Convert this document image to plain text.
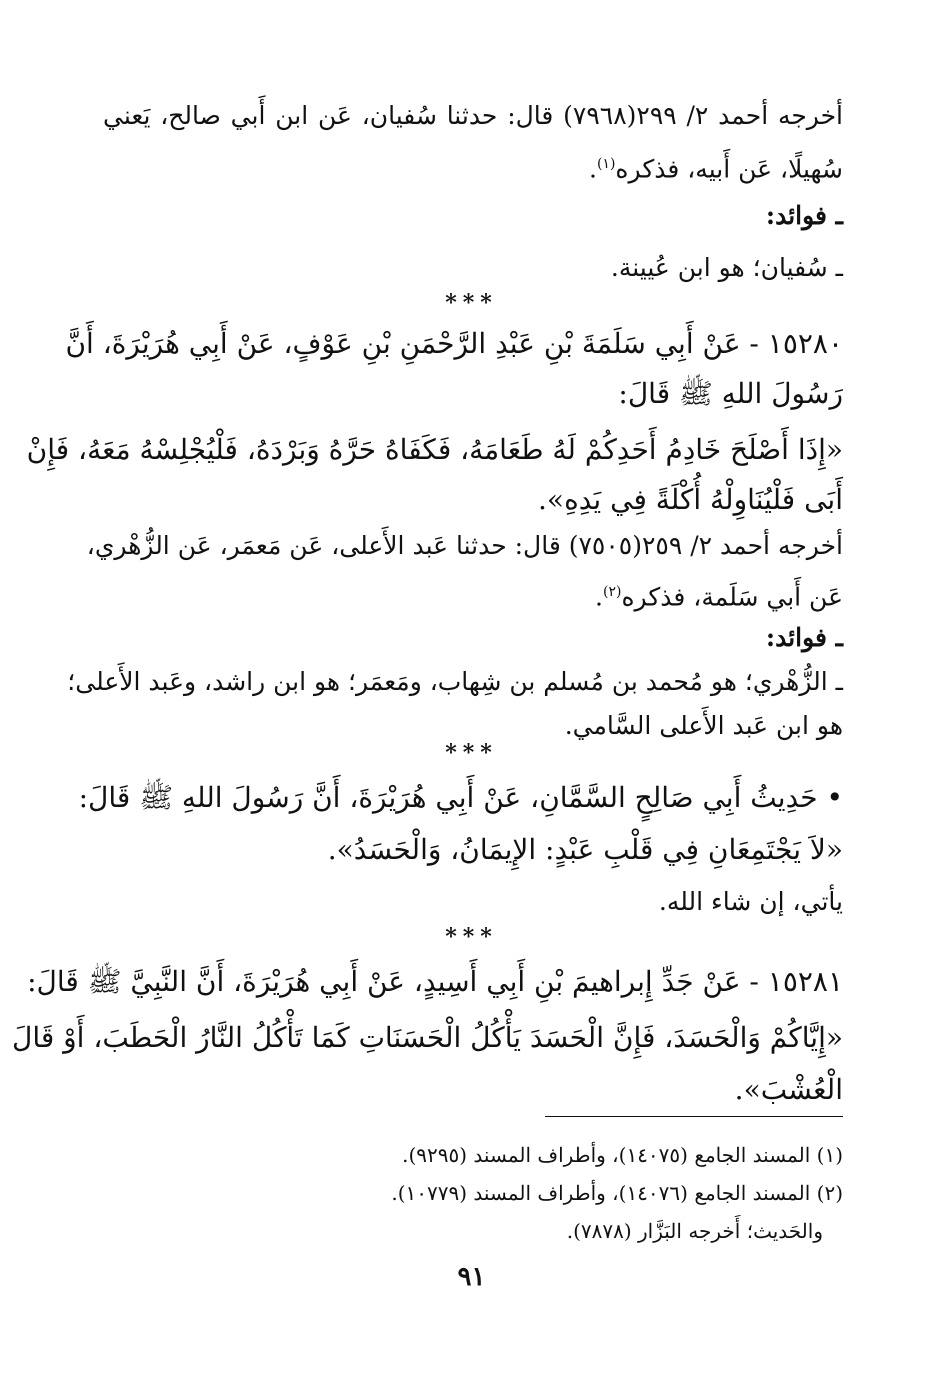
أخرجه أحمد ٢/ ٢٩٩(٧٩٦٨) قال: حدثنا سُفيان، عَن ابن أَبي صالح، يَعني
سُهيلًا، عَن أَبيه، فذكره$^{(١)}$.
ـ فوائد:
ـ سُفيان؛ هو ابن عُيينة.
***
١٥٢٨٠ - عَنْ أَبِي سَلَمَةَ بْنِ عَبْدِ الرَّحْمَنِ بْنِ عَوْفٍ، عَنْ أَبِي هُرَيْرَةَ، أَنَّ
رَسُولَ اللهِ ﷺ قَالَ:
«إِذَا أَصْلَحَ خَادِمُ أَحَدِكُمْ لَهُ طَعَامَهُ، فَكَفَاهُ حَرَّهُ وَبَرْدَهُ، فَلْيُجْلِسْهُ مَعَهُ، فَإِنْ
أَبَى فَلْيُنَاوِلْهُ أُكْلَةً فِي يَدِهِ».
أخرجه أحمد ٢/ ٢٥٩(٧٥٠٥) قال: حدثنا عَبد الأَعلى، عَن مَعمَر، عَن الزُّهْري،
عَن أَبي سَلَمة، فذكره$^{(٢)}$.
ـ فوائد:
ـ الزُّهْري؛ هو مُحمد بن مُسلم بن شِهاب، ومَعمَر؛ هو ابن راشد، وعَبد الأَعلى؛
هو ابن عَبد الأَعلى السَّامي.
***
• حَدِيثُ أَبِي صَالِحٍ السَّمَّانِ، عَنْ أَبِي هُرَيْرَةَ، أَنَّ رَسُولَ اللهِ ﷺ قَالَ:
«لاَ يَجْتَمِعَانِ فِي قَلْبِ عَبْدٍ: الإِيمَانُ، وَالْحَسَدُ».
يأتي، إن شاء الله.
***
١٥٢٨١ - عَنْ جَدِّ إِبراهيمَ بْنِ أَبِي أَسِيدٍ، عَنْ أَبِي هُرَيْرَةَ، أَنَّ النَّبِيَّ ﷺ قَالَ:
«إِيَّاكُمْ وَالْحَسَدَ، فَإِنَّ الْحَسَدَ يَأْكُلُ الْحَسَنَاتِ كَمَا تَأْكُلُ النَّارُ الْحَطَبَ، أَوْ قَالَ
الْعُشْبَ».
(١) المسند الجامع (١٤٠٧٥)، وأطراف المسند (٩٢٩٥).
(٢) المسند الجامع (١٤٠٧٦)، وأطراف المسند (١٠٧٧٩).
والحَديث؛ أَخرجه البَزَّار (٧٨٧٨).
٩١
